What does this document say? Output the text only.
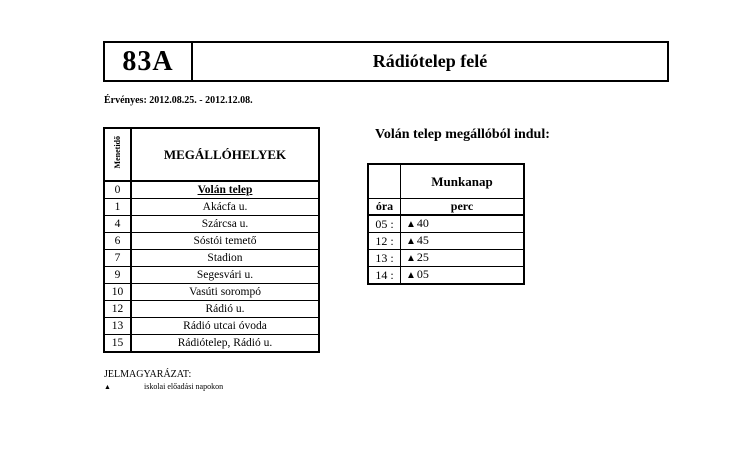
83A	Rádiótelep felé
Érvényes: 2012.08.25. - 2012.12.08.
Menetidő	MEGÁLLÓHELYEK
0	Volán telep
1	Akácfa u.
4	Szárcsa u.
6	Sóstói temető
7	Stadion
9	Segesvári u.
10	Vasúti sorompó
12	Rádió u.
13	Rádió utcai óvoda
15	Rádiótelep, Rádió u.
Volán telep megállóból indul:
	Munkanap
óra	perc
05 :	▲40
12 :	▲45
13 :	▲25
14 :	▲05
JELMAGYARÁZAT:
▲	iskolai előadási napokon
